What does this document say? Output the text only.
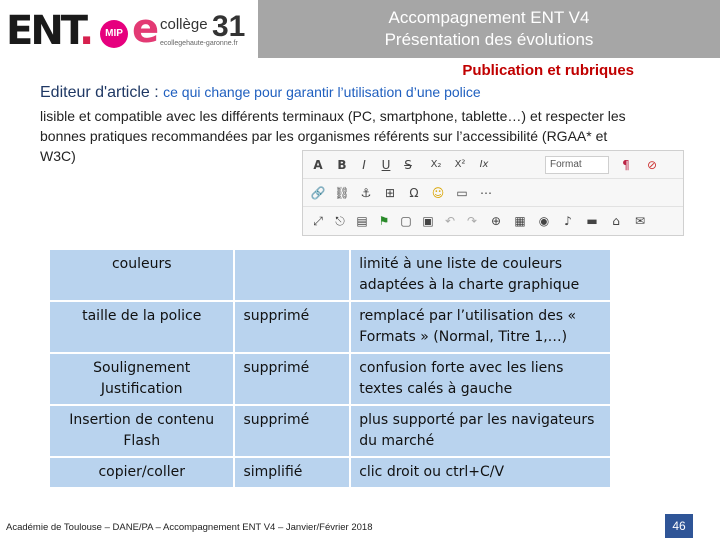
ENT.	MIP e collège 31
ecollegehaute-garonne.fr
Accompagnement ENT V4
Présentation des évolutions
Publication et rubriques
Editeur d'article : ce qui change pour garantir l’utilisation d’une police
lisible et compatible avec les différents terminaux (PC, smartphone, tablette…) et respecter les bonnes pratiques recommandées par les organismes référents sur l’accessibilité (RGAA* et W3C)
A	B	I	U	S	X₂	X²	Ix	Format	¶	⊘
🔗 ⛓ ⚓	⊞	Ω	☺ ▭ ⋯
⤢	⎋ ▤ ⚑ ▢ ▣ ↶ ↷	⊕	▦	◉	♪	▬	⌂	✉
couleurs		limité à une liste de couleurs adaptées à la charte graphique
taille de la police	supprimé	remplacé par l’utilisation des « Formats » (Normal, Titre 1,…)
Soulignement Justification	supprimé	confusion forte avec les liens textes calés à gauche
Insertion de contenu Flash	supprimé	plus supporté par les navigateurs du marché
copier/coller	simplifié	clic droit ou ctrl+C/V
Académie de Toulouse – DANE/PA – Accompagnement ENT V4 – Janvier/Février 2018	46
